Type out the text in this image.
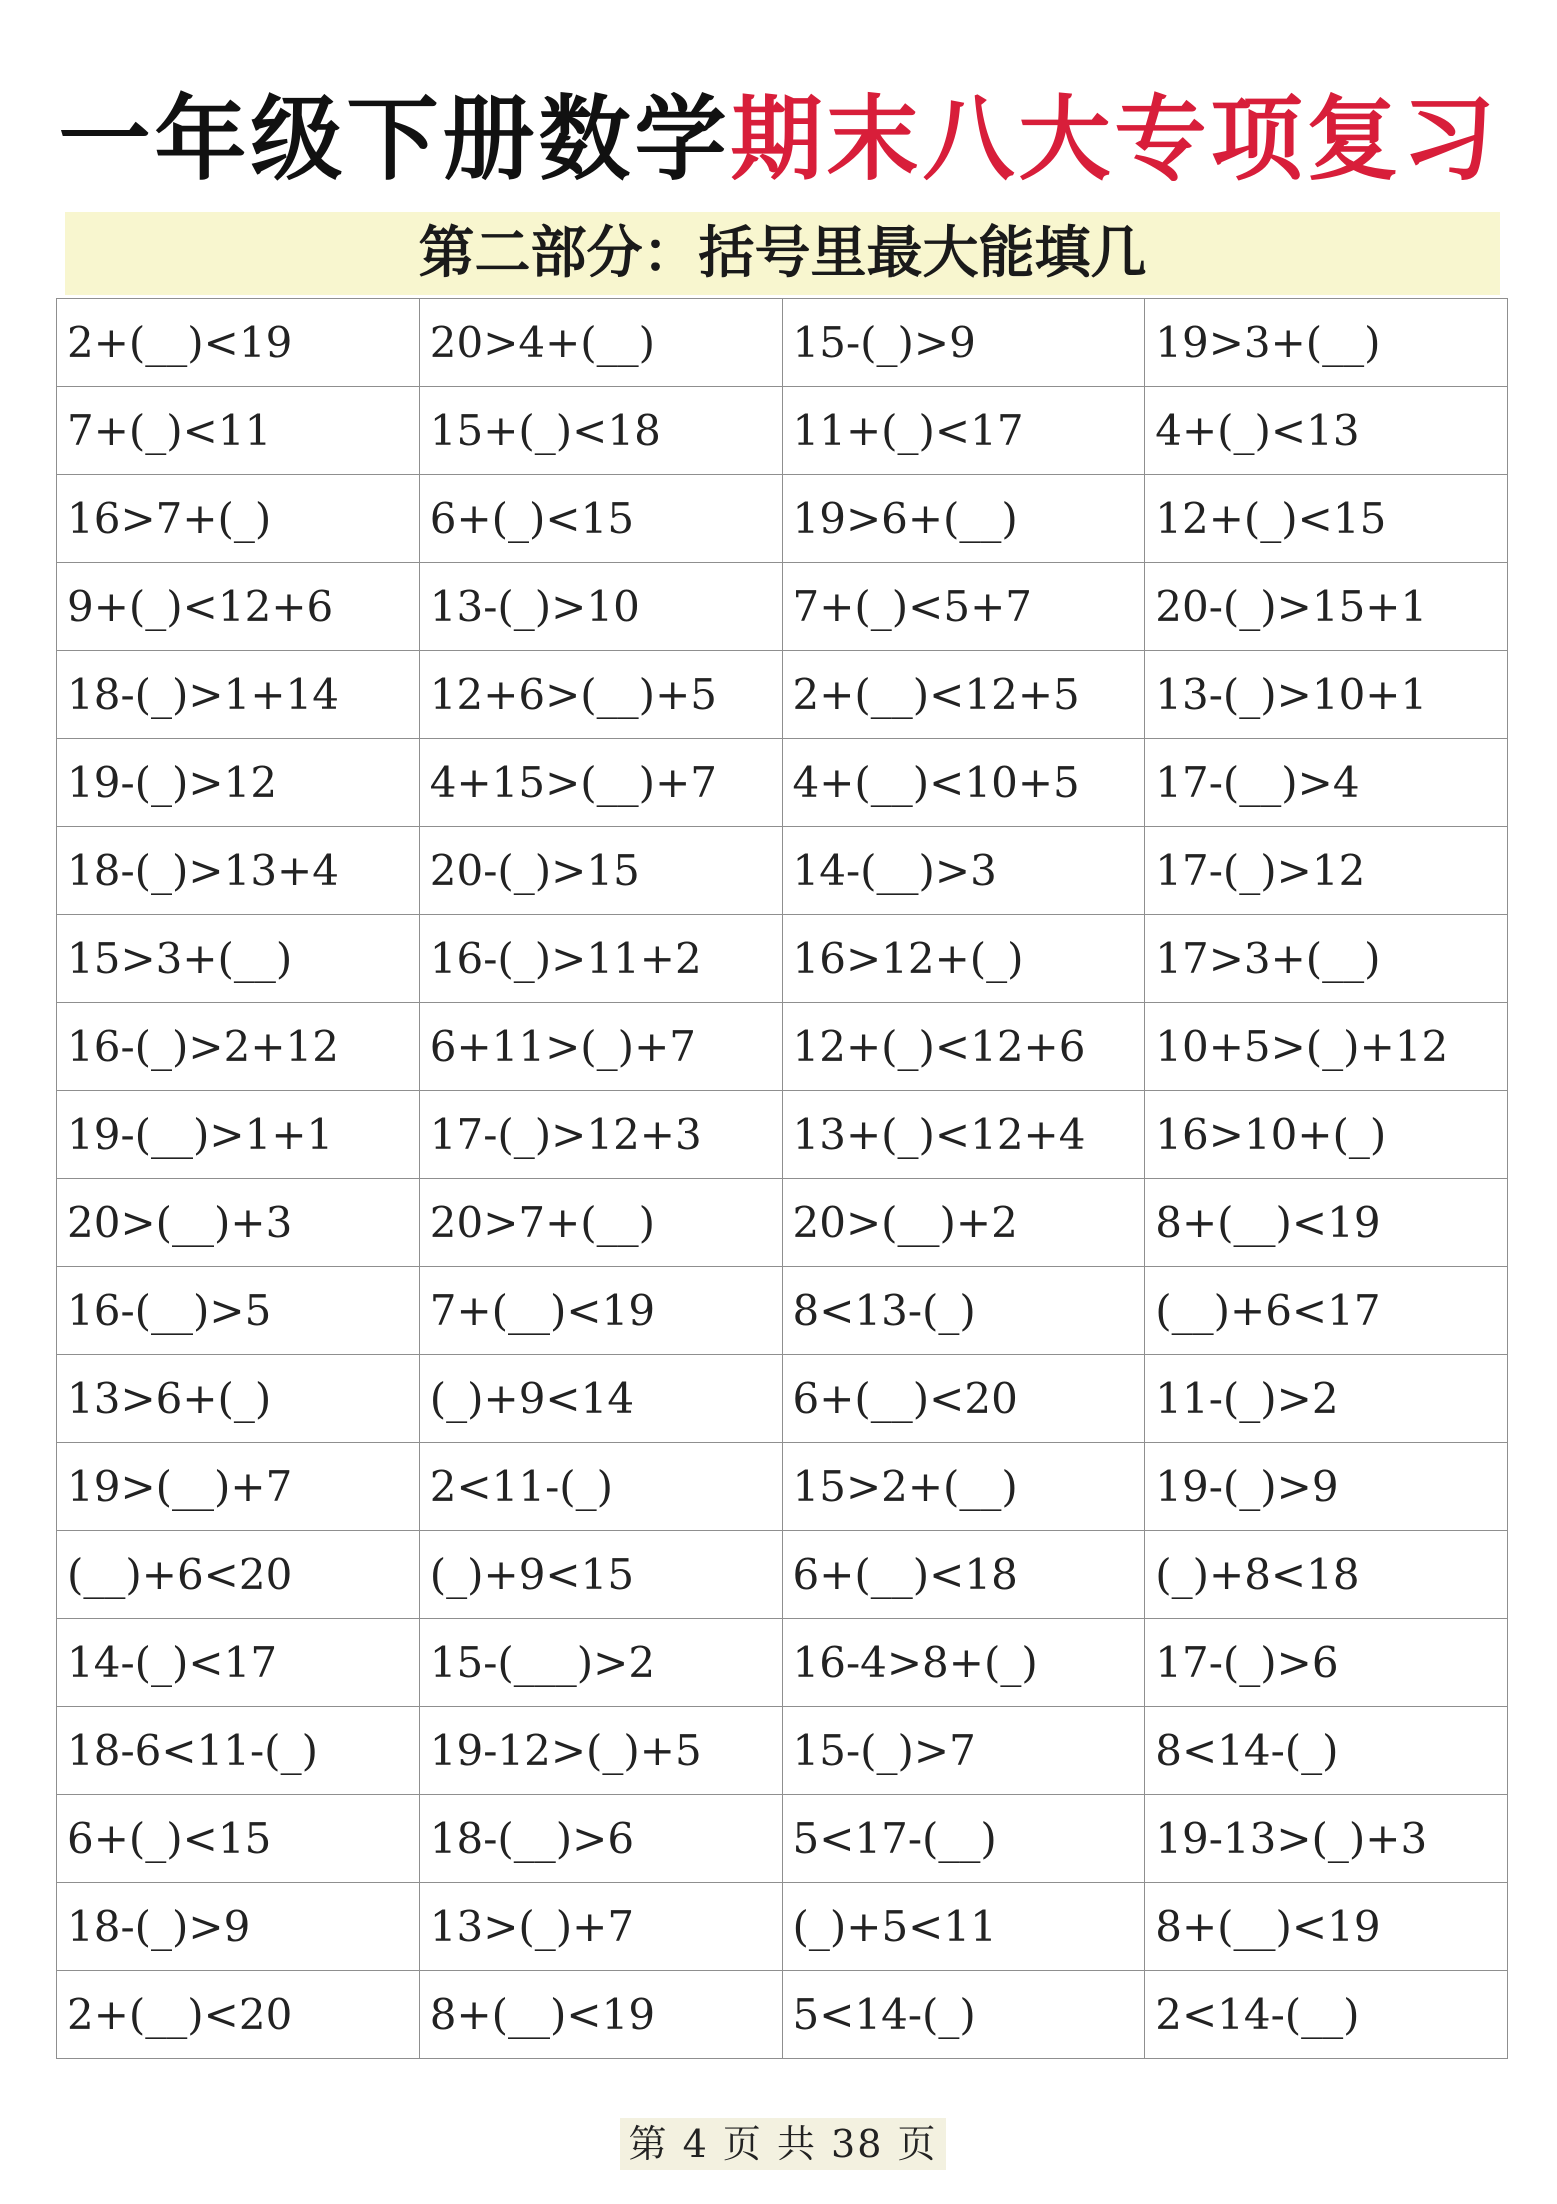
一年级下册数学期末八大专项复习
第二部分：括号里最大能填几
2+(__)<19	20>4+(__)	15-(_)>9	19>3+(__)
7+(_)<11	15+(_)<18	11+(_)<17	4+(_)<13
16>7+(_)	6+(_)<15	19>6+(__)	12+(_)<15
9+(_)<12+6	13-(_)>10	7+(_)<5+7	20-(_)>15+1
18-(_)>1+14	12+6>(__)+5	2+(__)<12+5	13-(_)>10+1
19-(_)>12	4+15>(__)+7	4+(__)<10+5	17-(__)>4
18-(_)>13+4	20-(_)>15	14-(__)>3	17-(_)>12
15>3+(__)	16-(_)>11+2	16>12+(_)	17>3+(__)
16-(_)>2+12	6+11>(_)+7	12+(_)<12+6	10+5>(_)+12
19-(__)>1+1	17-(_)>12+3	13+(_)<12+4	16>10+(_)
20>(__)+3	20>7+(__)	20>(__)+2	8+(__)<19
16-(__)>5	7+(__)<19	8<13-(_)	(__)+6<17
13>6+(_)	(_)+9<14	6+(__)<20	11-(_)>2
19>(__)+7	2<11-(_)	15>2+(__)	19-(_)>9
(__)+6<20	(_)+9<15	6+(__)<18	(_)+8<18
14-(_)<17	15-(___)>2	16-4>8+(_)	17-(_)>6
18-6<11-(_)	19-12>(_)+5	15-(_)>7	8<14-(_)
6+(_)<15	18-(__)>6	5<17-(__)	19-13>(_)+3
18-(_)>9	13>(_)+7	(_)+5<11	8+(__)<19
2+(__)<20	8+(__)<19	5<14-(_)	2<14-(__)
第 4 页 共 38 页
